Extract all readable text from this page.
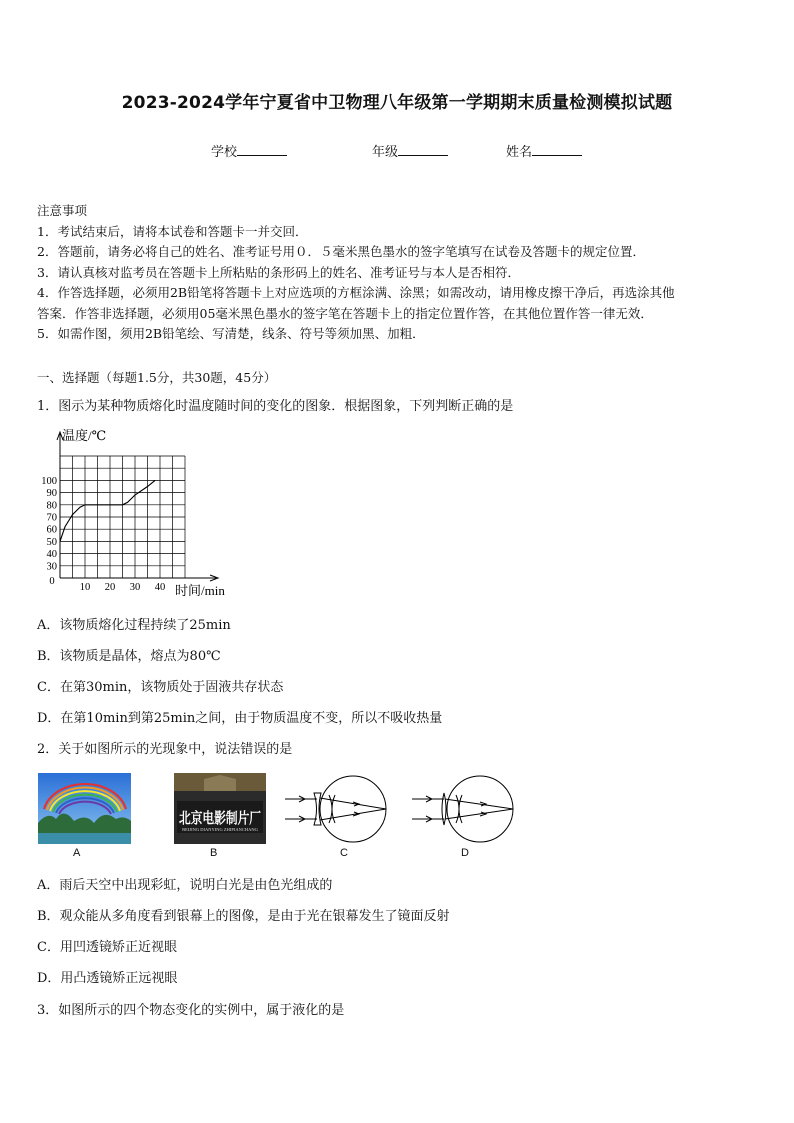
2023-2024学年宁夏省中卫物理八年级第一学期期末质量检测模拟试题
学校	年级	姓名
注意事项
1．考试结束后，请将本试卷和答题卡一并交回．
2．答题前，请务必将自己的姓名、准考证号用０．５毫米黑色墨水的签字笔填写在试卷及答题卡的规定位置．
3．请认真核对监考员在答题卡上所粘贴的条形码上的姓名、准考证号与本人是否相符．
4．作答选择题，必须用2B铅笔将答题卡上对应选项的方框涂满、涂黑；如需改动，请用橡皮擦干净后，再选涂其他
答案．作答非选择题，必须用05毫米黑色墨水的签字笔在答题卡上的指定位置作答，在其他位置作答一律无效．
5．如需作图，须用2B铅笔绘、写清楚，线条、符号等须加黑、加粗．
一、选择题（每题1.5分，共30题，45分）
1．图示为某种物质熔化时温度随时间的变化的图象．根据图象，下列判断正确的是
30
40
50
60
70
80
90
100
0
10 20 30 40
温度/℃
时间/min
A．该物质熔化过程持续了25min
B．该物质是晶体，熔点为80℃
C．在第30min，该物质处于固液共存状态
D．在第10min到第25min之间，由于物质温度不变，所以不吸收热量
2．关于如图所示的光现象中，说法错误的是
北京电影制片厂
BEIJING DIANYING ZHIPIANCHANG
A	B	C	D
A．雨后天空中出现彩虹，说明白光是由色光组成的
B．观众能从多角度看到银幕上的图像，是由于光在银幕发生了镜面反射
C．用凹透镜矫正近视眼
D．用凸透镜矫正远视眼
3．如图所示的四个物态变化的实例中，属于液化的是
